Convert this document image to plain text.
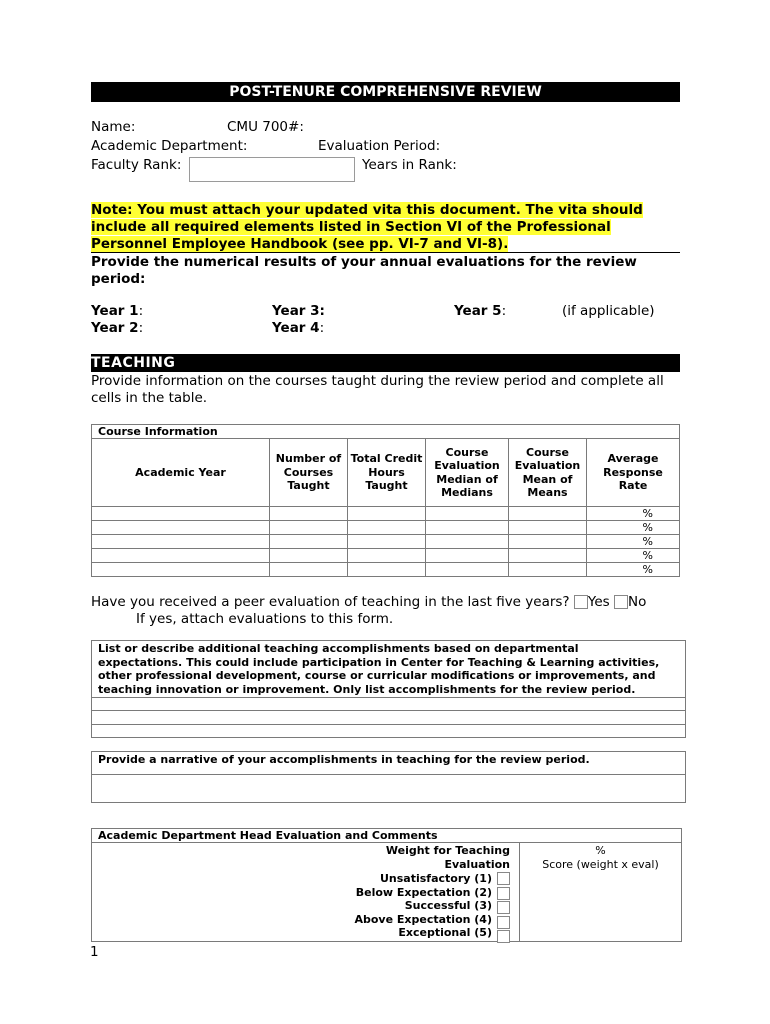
POST-TENURE COMPREHENSIVE REVIEW
Name:	CMU 700#:
Academic Department:	Evaluation Period:
Faculty Rank:	Years in Rank:
Note: You must attach your updated vita this document. The vita should
include all required elements listed in Section VI of the Professional
Personnel Employee Handbook (see pp. VI-7 and VI-8).
Provide the numerical results of your annual evaluations for the review
period:
Year 1:
Year 2:
Year 3:
Year 4:
Year 5:	(if applicable)
TEACHING
Provide information on the courses taught during the review period and complete all
cells in the table.
Course Information					
Academic Year	Number of Courses Taught	Total Credit Hours Taught	Course Evaluation Median of Medians	Course Evaluation Mean of Means	Average Response Rate
					%
					%
					%
					%
					%
Have you received a peer evaluation of teaching in the last five years? Yes No
If yes, attach evaluations to this form.
List or describe additional teaching accomplishments based on departmental
expectations. This could include participation in Center for Teaching & Learning activities,
other professional development, course or curricular modifications or improvements, and
teaching innovation or improvement. Only list accomplishments for the review period.
Provide a narrative of your accomplishments in teaching for the review period.
Academic Department Head Evaluation and Comments
Weight for Teaching	%
Evaluation	Score (weight x eval)
Unsatisfactory (1)
Below Expectation (2)
Successful (3)
Above Expectation (4)
Exceptional (5)
1
